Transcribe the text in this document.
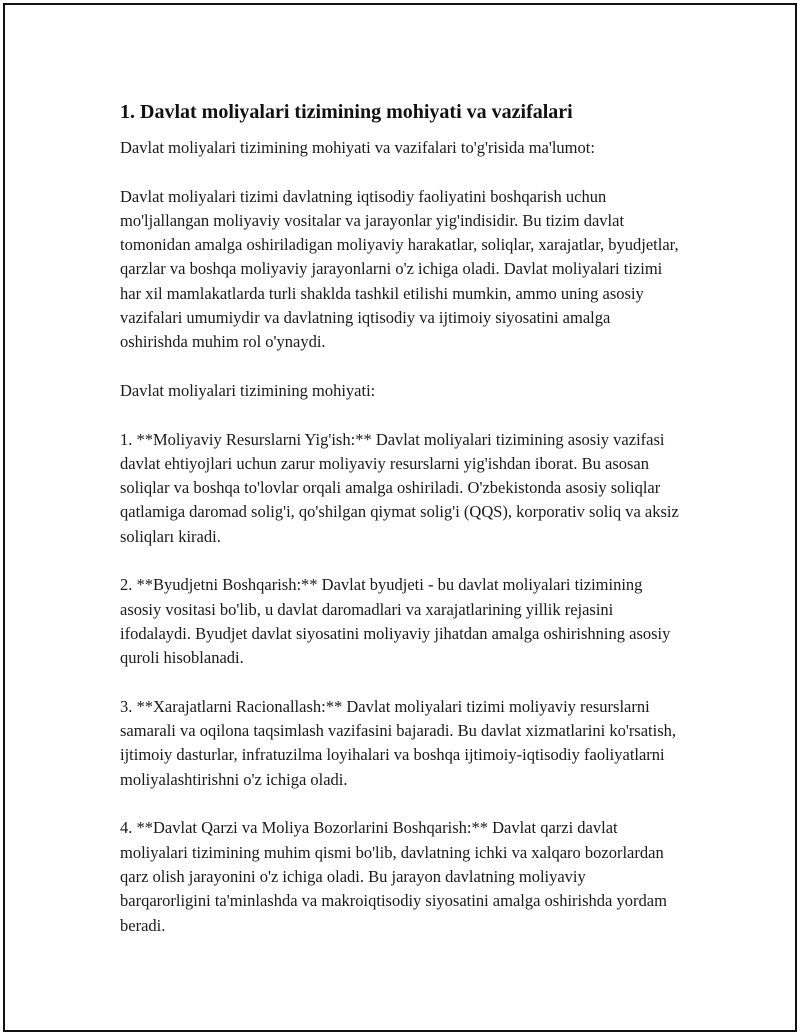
1. Davlat moliyalari tizimining mohiyati va vazifalari

Davlat moliyalari tizimining mohiyati va vazifalari to'g'risida ma'lumot:

Davlat moliyalari tizimi davlatning iqtisodiy faoliyatini boshqarish uchun mo'ljallangan moliyaviy vositalar va jarayonlar yig'indisidir. Bu tizim davlat tomonidan amalga oshiriladigan moliyaviy harakatlar, soliqlar, xarajatlar, byudjetlar, qarzlar va boshqa moliyaviy jarayonlarni o'z ichiga oladi. Davlat moliyalari tizimi har xil mamlakatlarda turli shaklda tashkil etilishi mumkin, ammo uning asosiy vazifalari umumiydir va davlatning iqtisodiy va ijtimoiy siyosatini amalga oshirishda muhim rol o'ynaydi.

Davlat moliyalari tizimining mohiyati:

1. **Moliyaviy Resurslarni Yig'ish:** Davlat moliyalari tizimining asosiy vazifasi davlat ehtiyojlari uchun zarur moliyaviy resurslarni yig'ishdan iborat. Bu asosan soliqlar va boshqa to'lovlar orqali amalga oshiriladi. O'zbekistonda asosiy soliqlar qatlamiga daromad solig'i, qo'shilgan qiymat solig'i (QQS), korporativ soliq va aksiz soliqları kiradi.

2. **Byudjetni Boshqarish:** Davlat byudjeti - bu davlat moliyalari tizimining asosiy vositasi bo'lib, u davlat daromadlari va xarajatlarining yillik rejasini ifodalaydi. Byudjet davlat siyosatini moliyaviy jihatdan amalga oshirishning asosiy quroli hisoblanadi.

3. **Xarajatlarni Racionallash:** Davlat moliyalari tizimi moliyaviy resurslarni samarali va oqilona taqsimlash vazifasini bajaradi. Bu davlat xizmatlarini ko'rsatish, ijtimoiy dasturlar, infratuzilma loyihalari va boshqa ijtimoiy-iqtisodiy faoliyatlarni moliyalashtirishni o'z ichiga oladi.

4. **Davlat Qarzi va Moliya Bozorlarini Boshqarish:** Davlat qarzi davlat moliyalari tizimining muhim qismi bo'lib, davlatning ichki va xalqaro bozorlardan qarz olish jarayonini o'z ichiga oladi. Bu jarayon davlatning moliyaviy barqarorligini ta'minlashda va makroiqtisodiy siyosatini amalga oshirishda yordam beradi.
